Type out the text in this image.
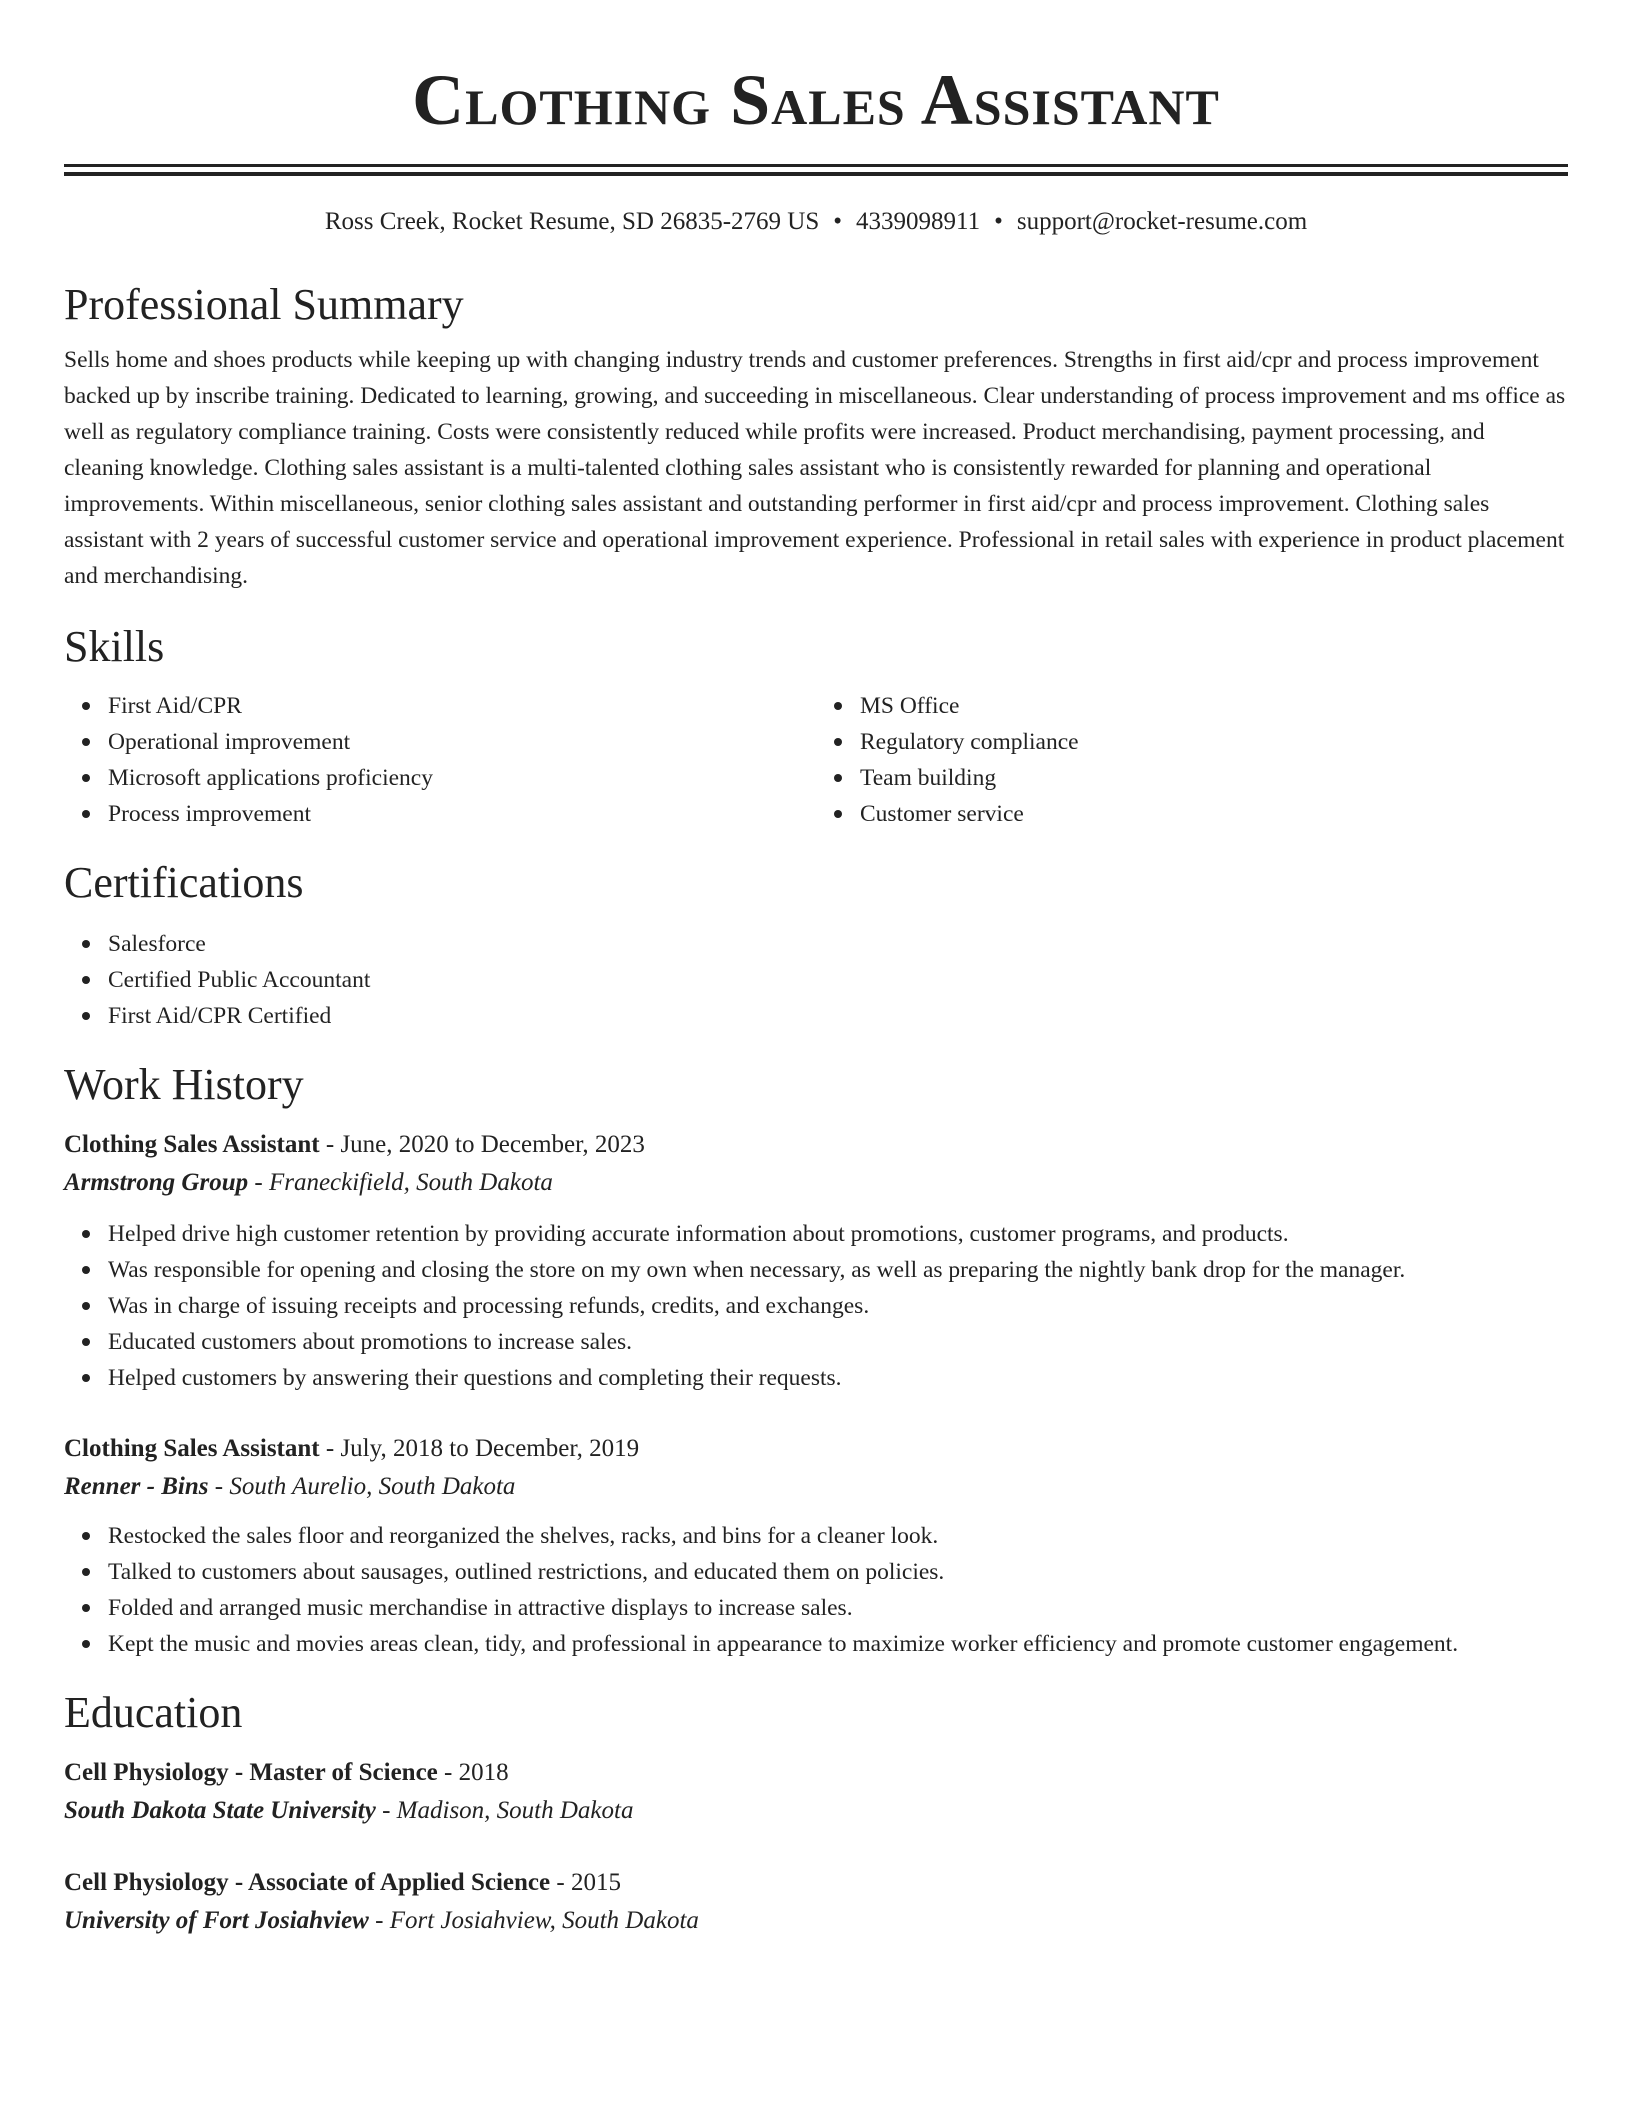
Clothing Sales Assistant
Ross Creek, Rocket Resume, SD 26835-2769 US • 4339098911 • support@rocket-resume.com
Professional Summary

Sells home and shoes products while keeping up with changing industry trends and customer preferences. Strengths in first aid/cpr and process improvement backed up by inscribe training. Dedicated to learning, growing, and succeeding in miscellaneous. Clear understanding of process improvement and ms office as well as regulatory compliance training. Costs were consistently reduced while profits were increased. Product merchandising, payment processing, and cleaning knowledge. Clothing sales assistant is a multi-talented clothing sales assistant who is consistently rewarded for planning and operational improvements. Within miscellaneous, senior clothing sales assistant and outstanding performer in first aid/cpr and process improvement. Clothing sales assistant with 2 years of successful customer service and operational improvement experience. Professional in retail sales with experience in product placement and merchandising.

Skills
First Aid/CPR
Operational improvement
Microsoft applications proficiency
Process improvement
MS Office
Regulatory compliance
Team building
Customer service
Certifications
Salesforce
Certified Public Accountant
First Aid/CPR Certified
Work History
Clothing Sales Assistant - June, 2020 to December, 2023
Armstrong Group - Franeckifield, South Dakota
Helped drive high customer retention by providing accurate information about promotions, customer programs, and products.
Was responsible for opening and closing the store on my own when necessary, as well as preparing the nightly bank drop for the manager.
Was in charge of issuing receipts and processing refunds, credits, and exchanges.
Educated customers about promotions to increase sales.
Helped customers by answering their questions and completing their requests.
Clothing Sales Assistant - July, 2018 to December, 2019
Renner - Bins - South Aurelio, South Dakota
Restocked the sales floor and reorganized the shelves, racks, and bins for a cleaner look.
Talked to customers about sausages, outlined restrictions, and educated them on policies.
Folded and arranged music merchandise in attractive displays to increase sales.
Kept the music and movies areas clean, tidy, and professional in appearance to maximize worker efficiency and promote customer engagement.
Education
Cell Physiology - Master of Science - 2018
South Dakota State University - Madison, South Dakota
Cell Physiology - Associate of Applied Science - 2015
University of Fort Josiahview - Fort Josiahview, South Dakota
